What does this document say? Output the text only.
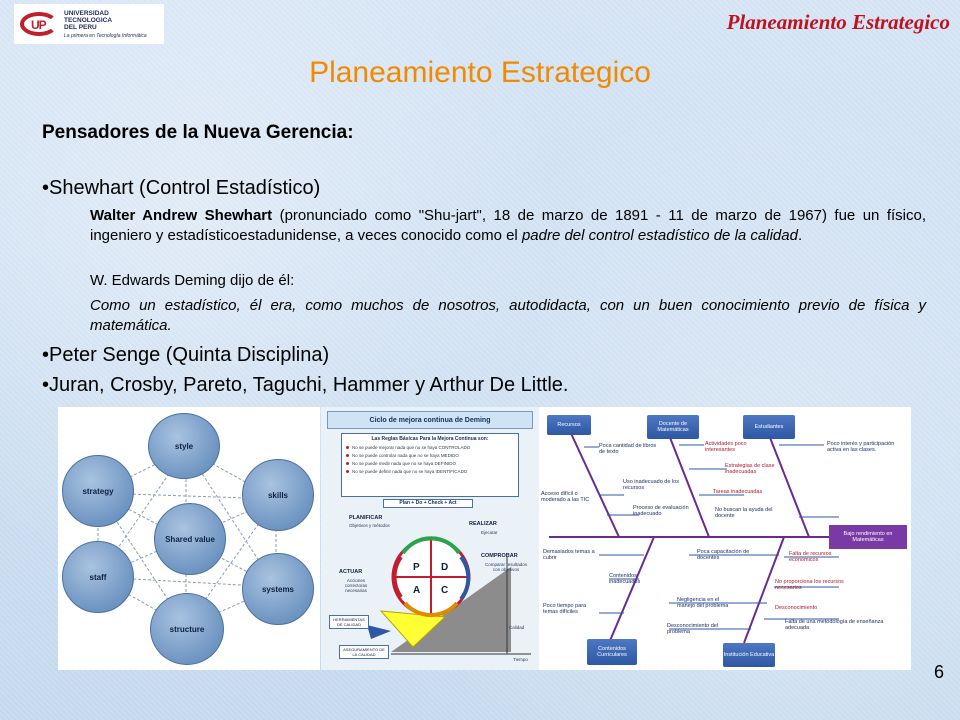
UP
UNIVERSIDAD
TECNOLOGICA
DEL PERU
La primera en Tecnología Informática
Planeamiento Estrategico
Planeamiento Estrategico
Pensadores de la Nueva Gerencia:
•Shewhart (Control Estadístico)
Walter Andrew Shewhart (pronunciado como "Shu-jart", 18 de marzo de 1891 - 11 de marzo de 1967) fue un físico, ingeniero y estadísticoestadunidense, a veces conocido como el padre del control estadístico de la calidad.
W. Edwards Deming dijo de él:
Como un estadístico, él era, como muchos de nosotros, autodidacta, con un buen conocimiento previo de física y matemática.
•Peter Senge (Quinta Disciplina)
•Juran, Crosby, Pareto, Taguchi, Hammer y Arthur De Little.
style
strategy	skills
Shared value
staff
systems
structure
Ciclo de mejora continua de Deming
Las Reglas Básicas Para la Mejora Continua son:
No se puede mejorar nada que no se haya CONTROLADO
No se puede controlar nada que no se haya MEDIDO
No se puede medir nada que no se haya DEFINIDO
No se puede definir nada que no se haya IDENTIFICADO
Plan + Do + Check + Act
P D
C
A
PLANIFICAR
Objetivos y métodos	REALIZAR
Ejecutar
ACTUAR
Acciones correctoras necesarias
COMPROBAR
Comparar resultados con objetivos
HERRAMIENTAS DE CALIDAD
ASEGURAMIENTO DE LA CALIDAD
Calidad
Tiempo
Recursos	Docente de Matemáticas
Estudiantes
Bajo rendimiento en Matemáticas
Contenidos Curriculares	Institución Educativa
Poca cantidad de libros de texto
Acceso difícil o moderado a las TIC
Uso inadecuado de los recursos
Proceso de evaluación inadecuado
Actividades poco interesantes
Estrategias de clase inadecuadas
Tareas inadecuadas
Poco interés y participación activa en las clases.
No buscan la ayuda del docente
Demasiados temas a cubrir
Contenidos inadecuados
Poco tiempo para temas difíciles
Poca capacitación de docentes
Negligencia en el manejo del problema
Desconocimiento del problema
Falta de recursos económicos
No proporciona los recursos necesarios
Desconocimiento
Falta de una metodología de enseñanza adecuada
6
